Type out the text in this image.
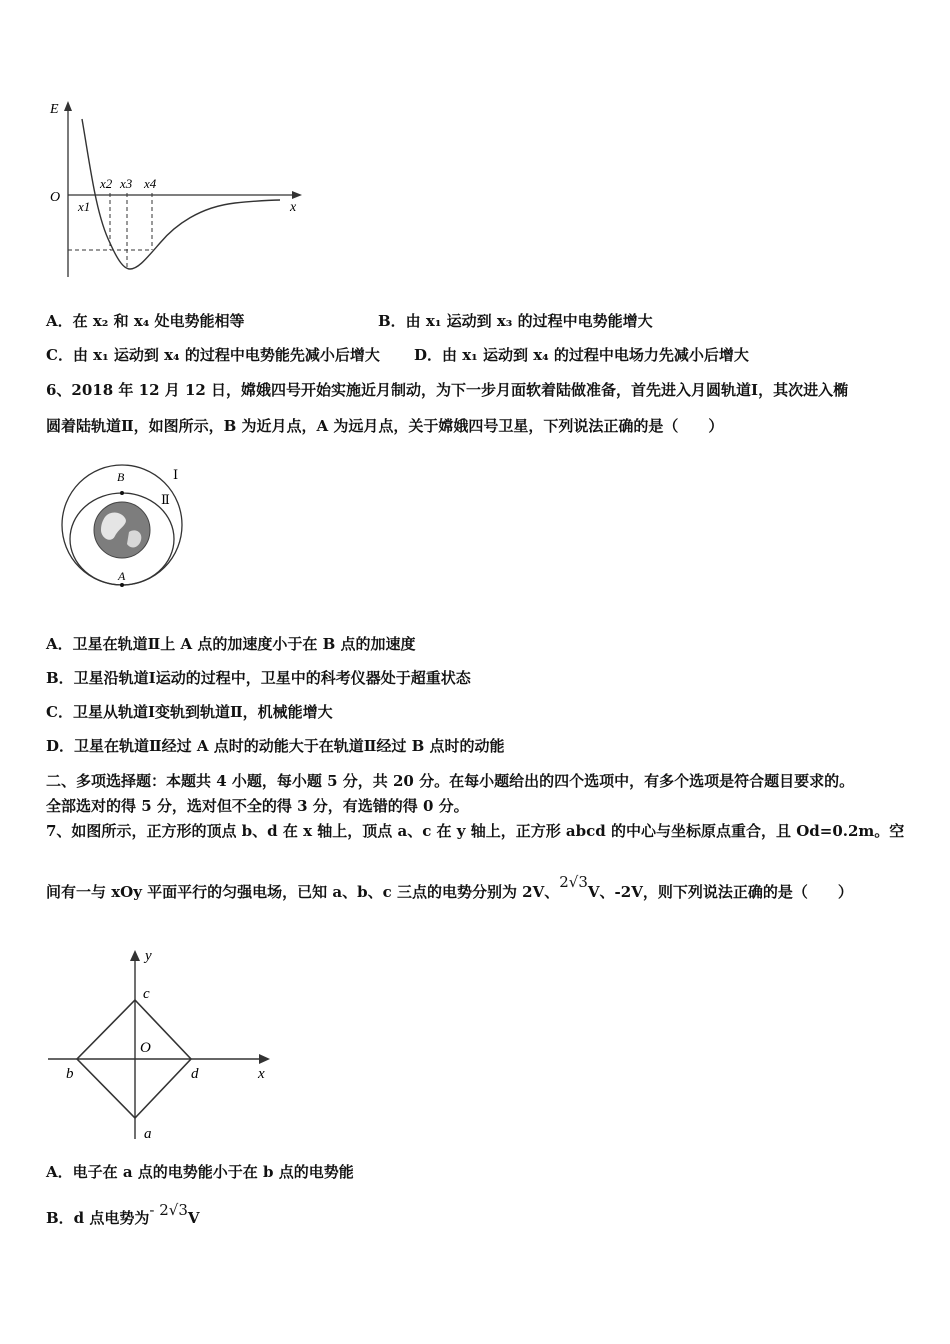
E
O
x
x1
x2 x3 x4
A．在 x₂ 和 x₄ 处电势能相等	B．由 x₁ 运动到 x₃ 的过程中电势能增大
C．由 x₁ 运动到 x₄ 的过程中电势能先减小后增大 D．由 x₁ 运动到 x₄ 的过程中电场力先减小后增大
6、2018 年 12 月 12 日，嫦娥四号开始实施近月制动，为下一步月面软着陆做准备，首先进入月圆轨道Ⅰ，其次进入椭
圆着陆轨道Ⅱ，如图所示，B 为近月点，A 为远月点，关于嫦娥四号卫星，下列说法正确的是（　　）
B
A
Ⅰ
Ⅱ
A．卫星在轨道Ⅱ上 A 点的加速度小于在 B 点的加速度
B．卫星沿轨道Ⅰ运动的过程中，卫星中的科考仪器处于超重状态
C．卫星从轨道Ⅰ变轨到轨道Ⅱ，机械能增大
D．卫星在轨道Ⅱ经过 A 点时的动能大于在轨道Ⅱ经过 B 点时的动能
二、多项选择题：本题共 4 小题，每小题 5 分，共 20 分。在每小题给出的四个选项中，有多个选项是符合题目要求的。
全部选对的得 5 分，选对但不全的得 3 分，有选错的得 0 分。
7、如图所示，正方形的顶点 b、d 在 x 轴上，顶点 a、c 在 y 轴上，正方形 abcd 的中心与坐标原点重合，且 Od=0.2m。空
间有一与 xOy 平面平行的匀强电场，已知 a、b、c 三点的电势分别为 2V、2√3V、-2V，则下列说法正确的是（　　）
y
x
c
O
b	d
a
A．电子在 a 点的电势能小于在 b 点的电势能
B．d 点电势为- 2√3V
